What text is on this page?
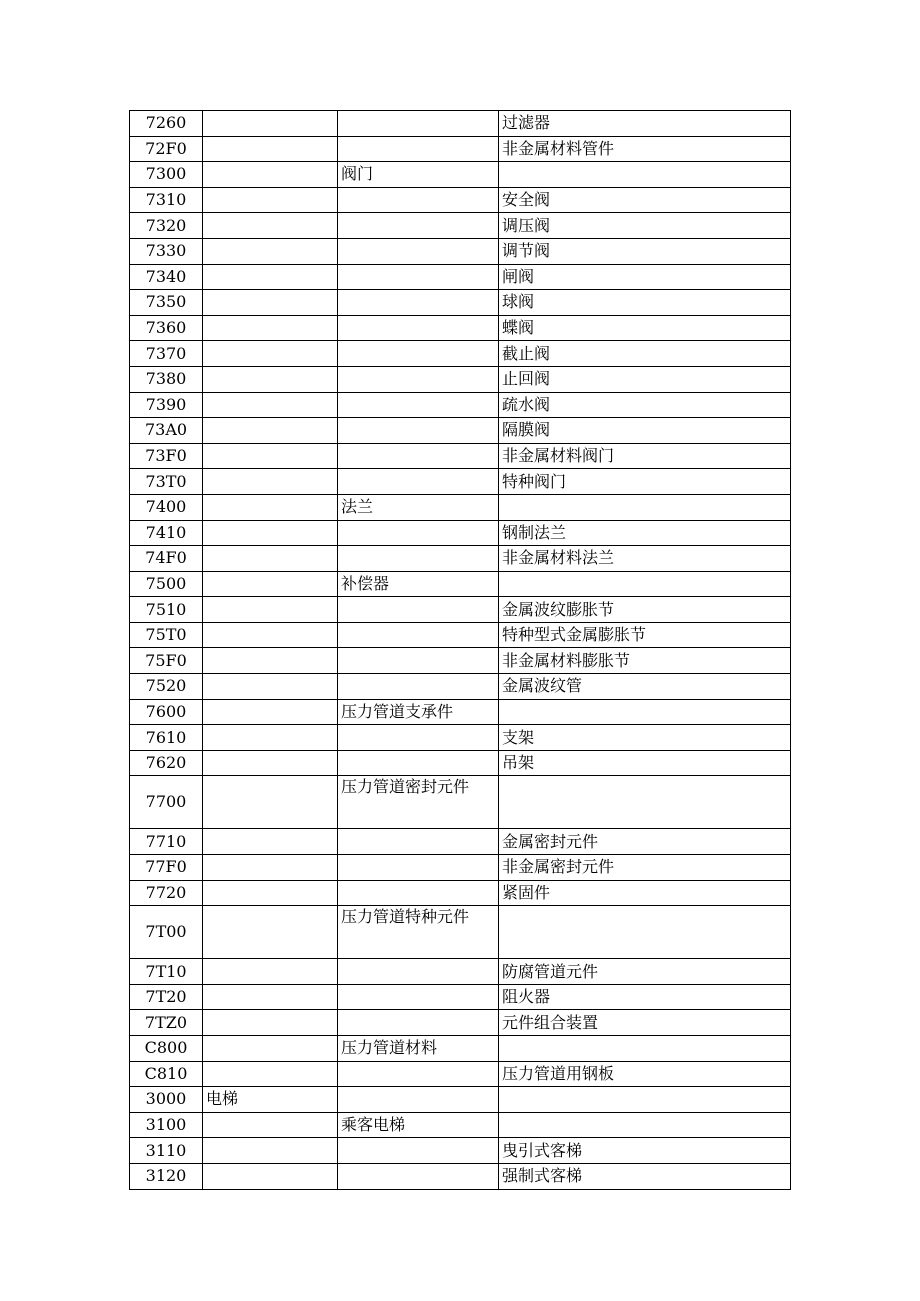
7260			过滤器
72F0			非金属材料管件
7300		阀门	
7310			安全阀
7320			调压阀
7330			调节阀
7340			闸阀
7350			球阀
7360			蝶阀
7370			截止阀
7380			止回阀
7390			疏水阀
73A0			隔膜阀
73F0			非金属材料阀门
73T0			特种阀门
7400		法兰	
7410			钢制法兰
74F0			非金属材料法兰
7500		补偿器	
7510			金属波纹膨胀节
75T0			特种型式金属膨胀节
75F0			非金属材料膨胀节
7520			金属波纹管
7600		压力管道支承件	
7610			支架
7620			吊架
7700		压力管道密封元件	
7710			金属密封元件
77F0			非金属密封元件
7720			紧固件
7T00		压力管道特种元件	
7T10			防腐管道元件
7T20			阻火器
7TZ0			元件组合装置
C800		压力管道材料	
C810			压力管道用钢板
3000	电梯		
3100		乘客电梯	
3110			曳引式客梯
3120			强制式客梯
